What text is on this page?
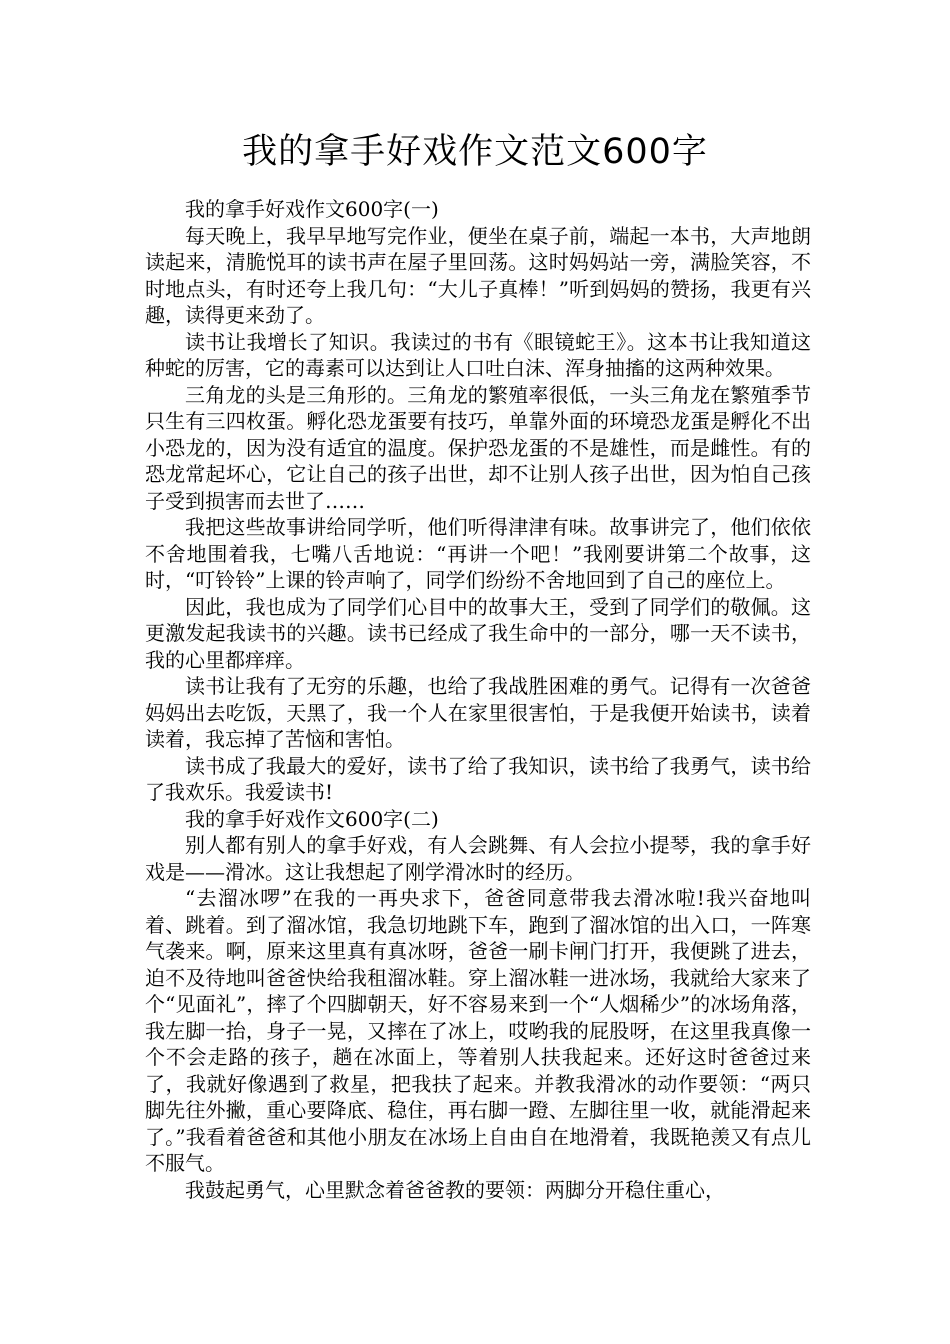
我的拿手好戏作文范文600字

我的拿手好戏作文600字(一)

每天晚上，我早早地写完作业，便坐在桌子前，端起一本书，大声地朗读起来，清脆悦耳的读书声在屋子里回荡。这时妈妈站一旁，满脸笑容，不时地点头，有时还夸上我几句：“大儿子真棒！”听到妈妈的赞扬，我更有兴趣，读得更来劲了。

读书让我增长了知识。我读过的书有《眼镜蛇王》。这本书让我知道这种蛇的厉害，它的毒素可以达到让人口吐白沫、浑身抽搐的这两种效果。

三角龙的头是三角形的。三角龙的繁殖率很低，一头三角龙在繁殖季节只生有三四枚蛋。孵化恐龙蛋要有技巧，单靠外面的环境恐龙蛋是孵化不出小恐龙的，因为没有适宜的温度。保护恐龙蛋的不是雄性，而是雌性。有的恐龙常起坏心，它让自己的孩子出世，却不让别人孩子出世，因为怕自己孩子受到损害而去世了……

我把这些故事讲给同学听，他们听得津津有味。故事讲完了，他们依依不舍地围着我，七嘴八舌地说：“再讲一个吧！”我刚要讲第二个故事，这时，“叮铃铃”上课的铃声响了，同学们纷纷不舍地回到了自己的座位上。

因此，我也成为了同学们心目中的故事大王，受到了同学们的敬佩。这更激发起我读书的兴趣。读书已经成了我生命中的一部分，哪一天不读书，我的心里都痒痒。

读书让我有了无穷的乐趣，也给了我战胜困难的勇气。记得有一次爸爸妈妈出去吃饭，天黑了，我一个人在家里很害怕，于是我便开始读书，读着读着，我忘掉了苦恼和害怕。

读书成了我最大的爱好，读书了给了我知识，读书给了我勇气，读书给了我欢乐。我爱读书!

我的拿手好戏作文600字(二)

别人都有别人的拿手好戏，有人会跳舞、有人会拉小提琴，我的拿手好戏是——滑冰。这让我想起了刚学滑冰时的经历。

“去溜冰啰”在我的一再央求下，爸爸同意带我去滑冰啦!我兴奋地叫着、跳着。到了溜冰馆，我急切地跳下车，跑到了溜冰馆的出入口，一阵寒气袭来。啊，原来这里真有真冰呀，爸爸一刷卡闸门打开，我便跳了进去，迫不及待地叫爸爸快给我租溜冰鞋。穿上溜冰鞋一进冰场，我就给大家来了个“见面礼”，摔了个四脚朝天，好不容易来到一个“人烟稀少”的冰场角落，我左脚一抬，身子一晃，又摔在了冰上，哎哟我的屁股呀，在这里我真像一个不会走路的孩子，趟在冰面上，等着别人扶我起来。还好这时爸爸过来了，我就好像遇到了救星，把我扶了起来。并教我滑冰的动作要领：“两只脚先往外撇，重心要降底、稳住，再右脚一蹬、左脚往里一收，就能滑起来了。”我看着爸爸和其他小朋友在冰场上自由自在地滑着，我既艳羡又有点儿不服气。

我鼓起勇气，心里默念着爸爸教的要领：两脚分开稳住重心，
